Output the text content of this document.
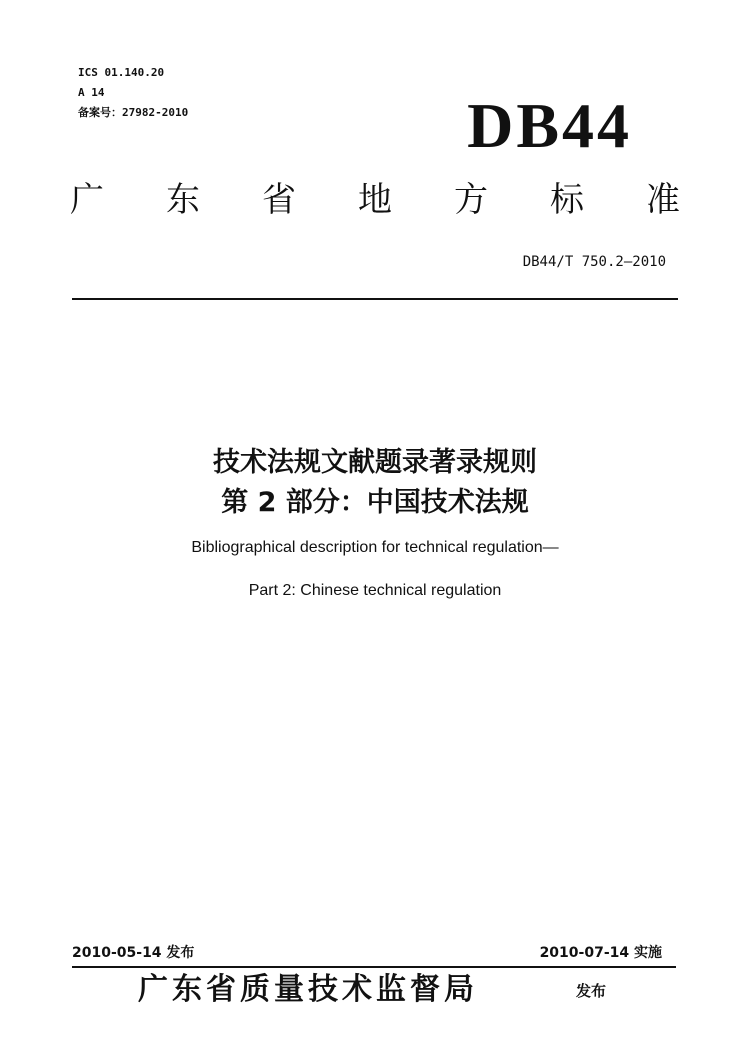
ICS 01.140.20
A 14
备案号：27982-2010	DB44
广 东 省 地 方 标 准
DB44/T 750.2—2010
技术法规文献题录著录规则
第 2 部分：中国技术法规
Bibliographical description for technical regulation—
Part 2: Chinese technical regulation
2010-05-14 发布	2010-07-14 实施
广东省质量技术监督局	发布
